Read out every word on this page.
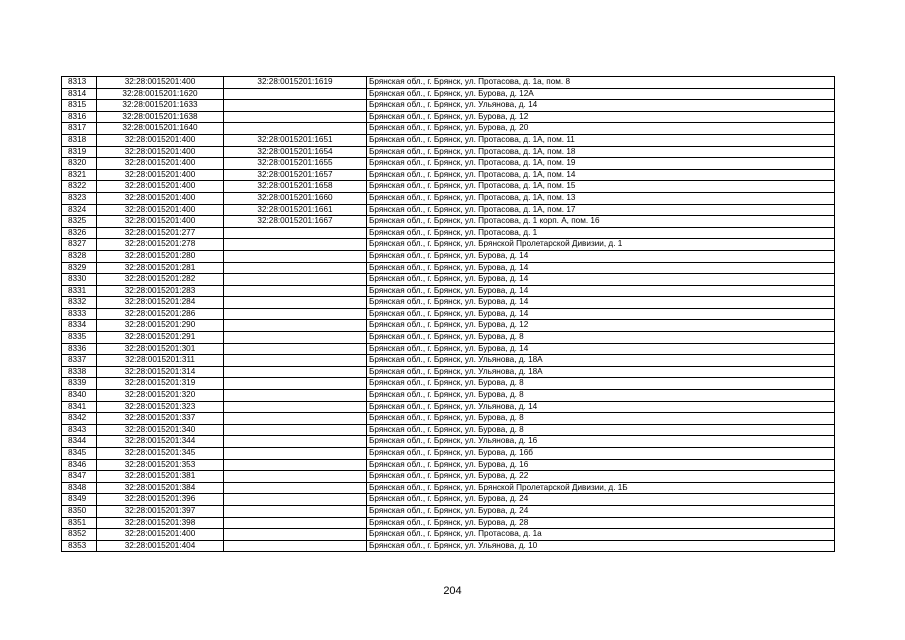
8313	32:28:0015201:400	32:28:0015201:1619	Брянская обл., г. Брянск, ул. Протасова, д. 1а, пом. 8
8314	32:28:0015201:1620		Брянская обл., г. Брянск, ул. Бурова, д. 12А
8315	32:28:0015201:1633		Брянская обл., г. Брянск, ул. Ульянова, д. 14
8316	32:28:0015201:1638		Брянская обл., г. Брянск, ул. Бурова, д. 12
8317	32:28:0015201:1640		Брянская обл., г. Брянск, ул. Бурова, д. 20
8318	32:28:0015201:400	32:28:0015201:1651	Брянская обл., г. Брянск, ул. Протасова, д. 1А, пом. 11
8319	32:28:0015201:400	32:28:0015201:1654	Брянская обл., г. Брянск, ул. Протасова, д. 1А, пом. 18
8320	32:28:0015201:400	32:28:0015201:1655	Брянская обл., г. Брянск, ул. Протасова, д. 1А, пом. 19
8321	32:28:0015201:400	32:28:0015201:1657	Брянская обл., г. Брянск, ул. Протасова, д. 1А, пом. 14
8322	32:28:0015201:400	32:28:0015201:1658	Брянская обл., г. Брянск, ул. Протасова, д. 1А, пом. 15
8323	32:28:0015201:400	32:28:0015201:1660	Брянская обл., г. Брянск, ул. Протасова, д. 1А, пом. 13
8324	32:28:0015201:400	32:28:0015201:1661	Брянская обл., г. Брянск, ул. Протасова, д. 1А, пом. 17
8325	32:28:0015201:400	32:28:0015201:1667	Брянская обл., г. Брянск, ул. Протасова, д. 1 корп. А, пом. 16
8326	32:28:0015201:277		Брянская обл., г. Брянск, ул. Протасова, д. 1
8327	32:28:0015201:278		Брянская обл., г. Брянск, ул. Брянской Пролетарской Дивизии, д. 1
8328	32:28:0015201:280		Брянская обл., г. Брянск, ул. Бурова, д. 14
8329	32:28:0015201:281		Брянская обл., г. Брянск, ул. Бурова, д. 14
8330	32:28:0015201:282		Брянская обл., г. Брянск, ул. Бурова, д. 14
8331	32:28:0015201:283		Брянская обл., г. Брянск, ул. Бурова, д. 14
8332	32:28:0015201:284		Брянская обл., г. Брянск, ул. Бурова, д. 14
8333	32:28:0015201:286		Брянская обл., г. Брянск, ул. Бурова, д. 14
8334	32:28:0015201:290		Брянская обл., г. Брянск, ул. Бурова, д. 12
8335	32:28:0015201:291		Брянская обл., г. Брянск, ул. Бурова, д. 8
8336	32:28:0015201:301		Брянская обл., г. Брянск, ул. Бурова, д. 14
8337	32:28:0015201:311		Брянская обл., г. Брянск, ул. Ульянова, д. 18А
8338	32:28:0015201:314		Брянская обл., г. Брянск, ул. Ульянова, д. 18А
8339	32:28:0015201:319		Брянская обл., г. Брянск, ул. Бурова, д. 8
8340	32:28:0015201:320		Брянская обл., г. Брянск, ул. Бурова, д. 8
8341	32:28:0015201:323		Брянская обл., г. Брянск, ул. Ульянова, д. 14
8342	32:28:0015201:337		Брянская обл., г. Брянск, ул. Бурова, д. 8
8343	32:28:0015201:340		Брянская обл., г. Брянск, ул. Бурова, д. 8
8344	32:28:0015201:344		Брянская обл., г. Брянск, ул. Ульянова, д. 16
8345	32:28:0015201:345		Брянская обл., г. Брянск, ул. Бурова, д. 16б
8346	32:28:0015201:353		Брянская обл., г. Брянск, ул. Бурова, д. 16
8347	32:28:0015201:381		Брянская обл., г. Брянск, ул. Бурова, д. 22
8348	32:28:0015201:384		Брянская обл., г. Брянск, ул. Брянской Пролетарской Дивизии, д. 1Б
8349	32:28:0015201:396		Брянская обл., г. Брянск, ул. Бурова, д. 24
8350	32:28:0015201:397		Брянская обл., г. Брянск, ул. Бурова, д. 24
8351	32:28:0015201:398		Брянская обл., г. Брянск, ул. Бурова, д. 28
8352	32:28:0015201:400		Брянская обл., г. Брянск, ул. Протасова, д. 1а
8353	32:28:0015201:404		Брянская обл., г. Брянск, ул. Ульянова, д. 10
204
